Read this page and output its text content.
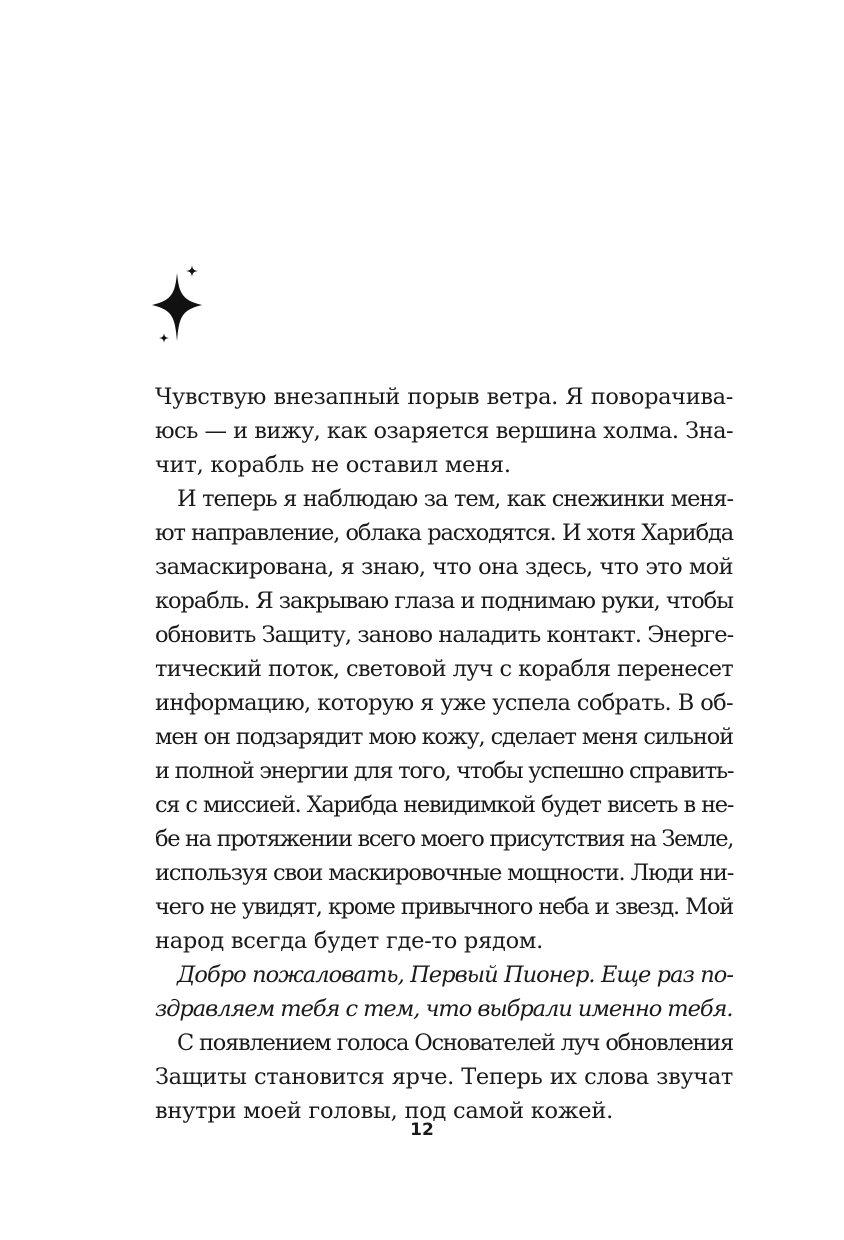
Чувствую внезапный порыв ветра. Я поворачива-
юсь — и вижу, как озаряется вершина холма. Зна-
чит, корабль не оставил меня.
И теперь я наблюдаю за тем, как снежинки меня-
ют направление, облака расходятся. И хотя Харибда
замаскирована, я знаю, что она здесь, что это мой
корабль. Я закрываю глаза и поднимаю руки, чтобы
обновить Защиту, заново наладить контакт. Энерге-
тический поток, световой луч с корабля перенесет
информацию, которую я уже успела собрать. В об-
мен он подзарядит мою кожу, сделает меня сильной
и полной энергии для того, чтобы успешно справить-
ся с миссией. Харибда невидимкой будет висеть в не-
бе на протяжении всего моего присутствия на Земле,
используя свои маскировочные мощности. Люди ни-
чего не увидят, кроме привычного неба и звезд. Мой
народ всегда будет где-то рядом.
Добро пожаловать, Первый Пионер. Еще раз по-
здравляем тебя с тем, что выбрали именно тебя.
С появлением голоса Основателей луч обновления
Защиты становится ярче. Теперь их слова звучат
внутри моей головы, под самой кожей.
12
